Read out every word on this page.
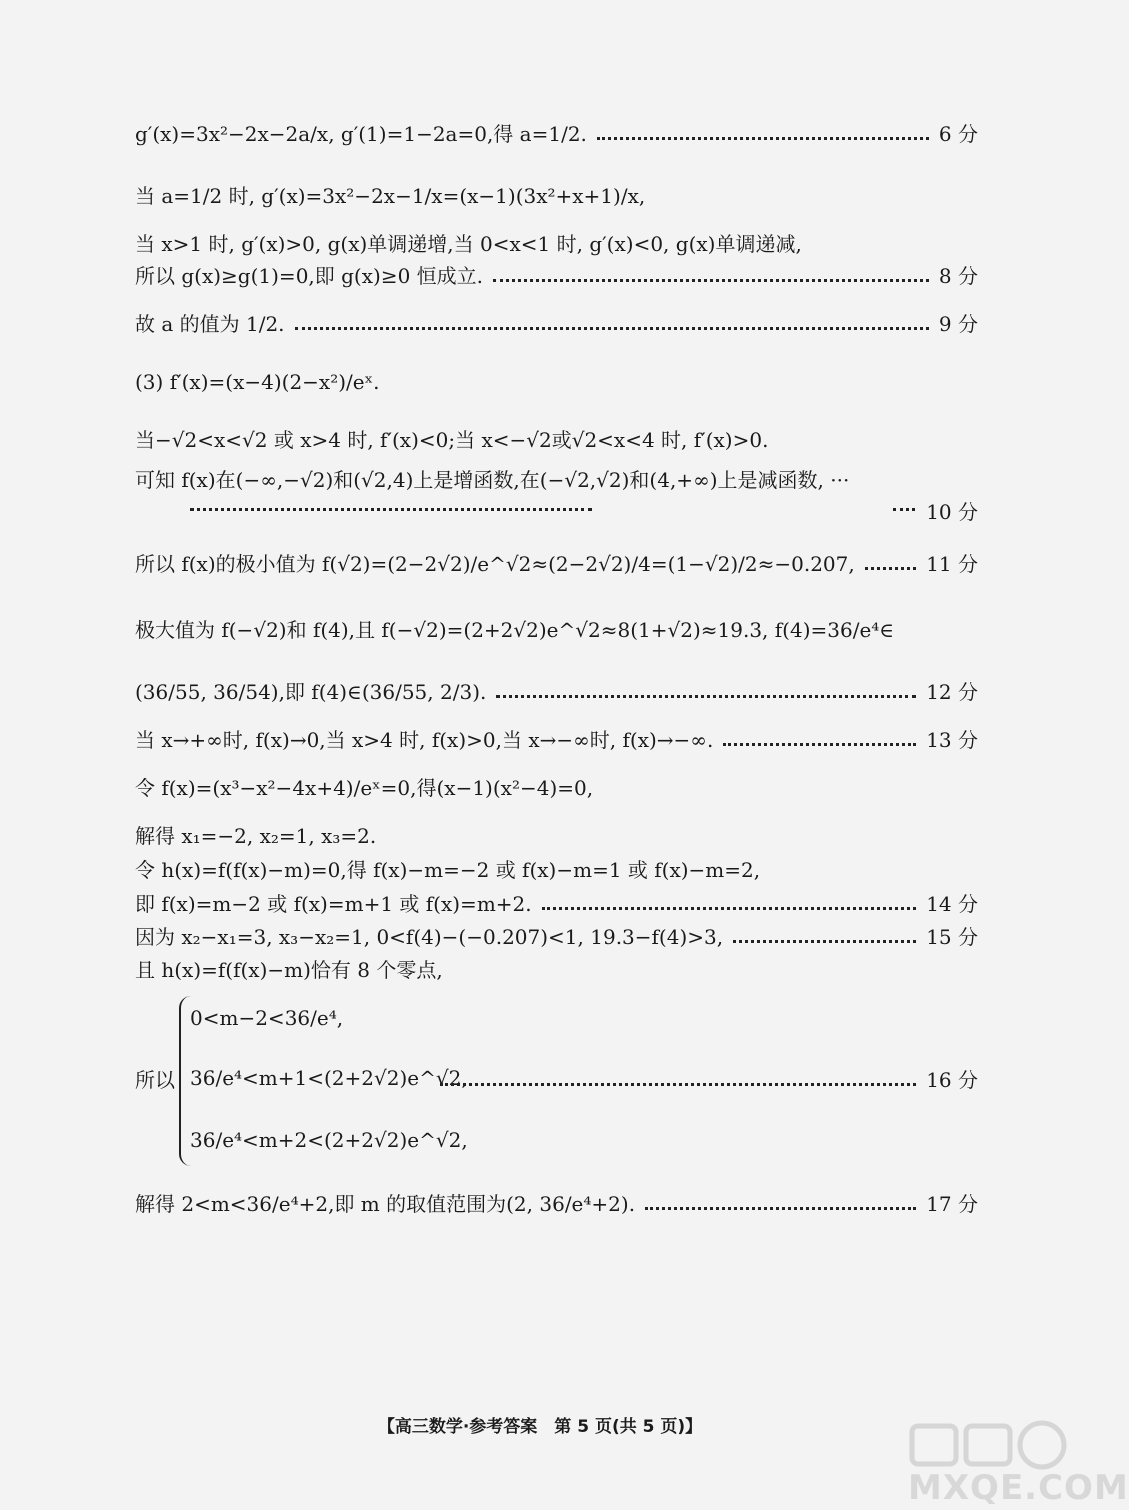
g′(x)=3x²−2x−2a/x, g′(1)=1−2a=0,得 a=1/2.	6 分
当 a=1/2 时, g′(x)=3x²−2x−1/x=(x−1)(3x²+x+1)/x,
当 x>1 时, g′(x)>0, g(x)单调递增,当 0<x<1 时, g′(x)<0, g(x)单调递减,
所以 g(x)≥g(1)=0,即 g(x)≥0 恒成立.	8 分
故 a 的值为 1/2.	9 分
(3) f′(x)=(x−4)(2−x²)/eˣ.
当−√2<x<√2 或 x>4 时, f′(x)<0;当 x<−√2或√2<x<4 时, f′(x)>0.
可知 f(x)在(−∞,−√2)和(√2,4)上是增函数,在(−√2,√2)和(4,+∞)上是减函数, ···
10 分
所以 f(x)的极小值为 f(√2)=(2−2√2)/e^√2≈(2−2√2)/4=(1−√2)/2≈−0.207,	11 分
极大值为 f(−√2)和 f(4),且 f(−√2)=(2+2√2)e^√2≈8(1+√2)≈19.3, f(4)=36/e⁴∈
(36/55, 36/54),即 f(4)∈(36/55, 2/3).	12 分
当 x→+∞时, f(x)→0,当 x>4 时, f(x)>0,当 x→−∞时, f(x)→−∞.	13 分
令 f(x)=(x³−x²−4x+4)/eˣ=0,得(x−1)(x²−4)=0,
解得 x₁=−2, x₂=1, x₃=2.
令 h(x)=f(f(x)−m)=0,得 f(x)−m=−2 或 f(x)−m=1 或 f(x)−m=2,
即 f(x)=m−2 或 f(x)=m+1 或 f(x)=m+2.	14 分
因为 x₂−x₁=3, x₃−x₂=1, 0<f(4)−(−0.207)<1, 19.3−f(4)>3,	15 分
且 h(x)=f(f(x)−m)恰有 8 个零点,
所以
0<m−2<36/e⁴,
36/e⁴<m+1<(2+2√2)e^√2,	16 分
36/e⁴<m+2<(2+2√2)e^√2,
解得 2<m<36/e⁴+2,即 m 的取值范围为(2, 36/e⁴+2).	17 分
【高三数学·参考答案　第 5 页(共 5 页)】
MXQE.COM
